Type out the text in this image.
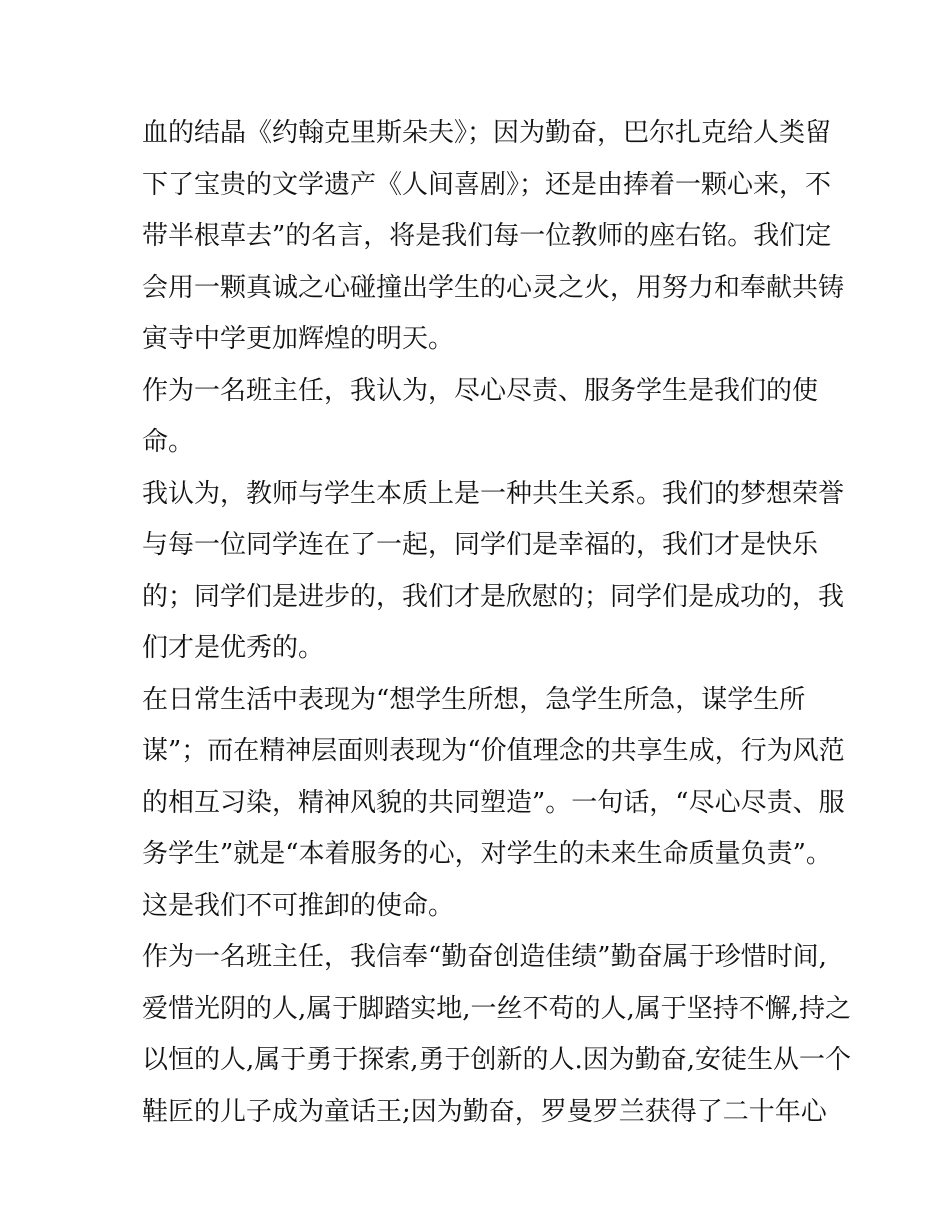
血的结晶《约翰克里斯朵夫》；因为勤奋，巴尔扎克给人类留
下了宝贵的文学遗产《人间喜剧》；还是由捧着一颗心来，不
带半根草去”的名言，将是我们每一位教师的座右铭。我们定
会用一颗真诚之心碰撞出学生的心灵之火，用努力和奉献共铸
寅寺中学更加辉煌的明天。
作为一名班主任，我认为，尽心尽责、服务学生是我们的使
命。
我认为，教师与学生本质上是一种共生关系。我们的梦想荣誉
与每一位同学连在了一起，同学们是幸福的，我们才是快乐
的；同学们是进步的，我们才是欣慰的；同学们是成功的，我
们才是优秀的。
在日常生活中表现为“想学生所想，急学生所急，谋学生所
谋”；而在精神层面则表现为“价值理念的共享生成，行为风范
的相互习染，精神风貌的共同塑造”。一句话，“尽心尽责、服
务学生”就是“本着服务的心，对学生的未来生命质量负责”。
这是我们不可推卸的使命。
作为一名班主任，我信奉“勤奋创造佳绩”勤奋属于珍惜时间,
爱惜光阴的人,属于脚踏实地,一丝不苟的人,属于坚持不懈,持之
以恒的人,属于勇于探索,勇于创新的人.因为勤奋,安徒生从一个
鞋匠的儿子成为童话王;因为勤奋，罗曼罗兰获得了二十年心
